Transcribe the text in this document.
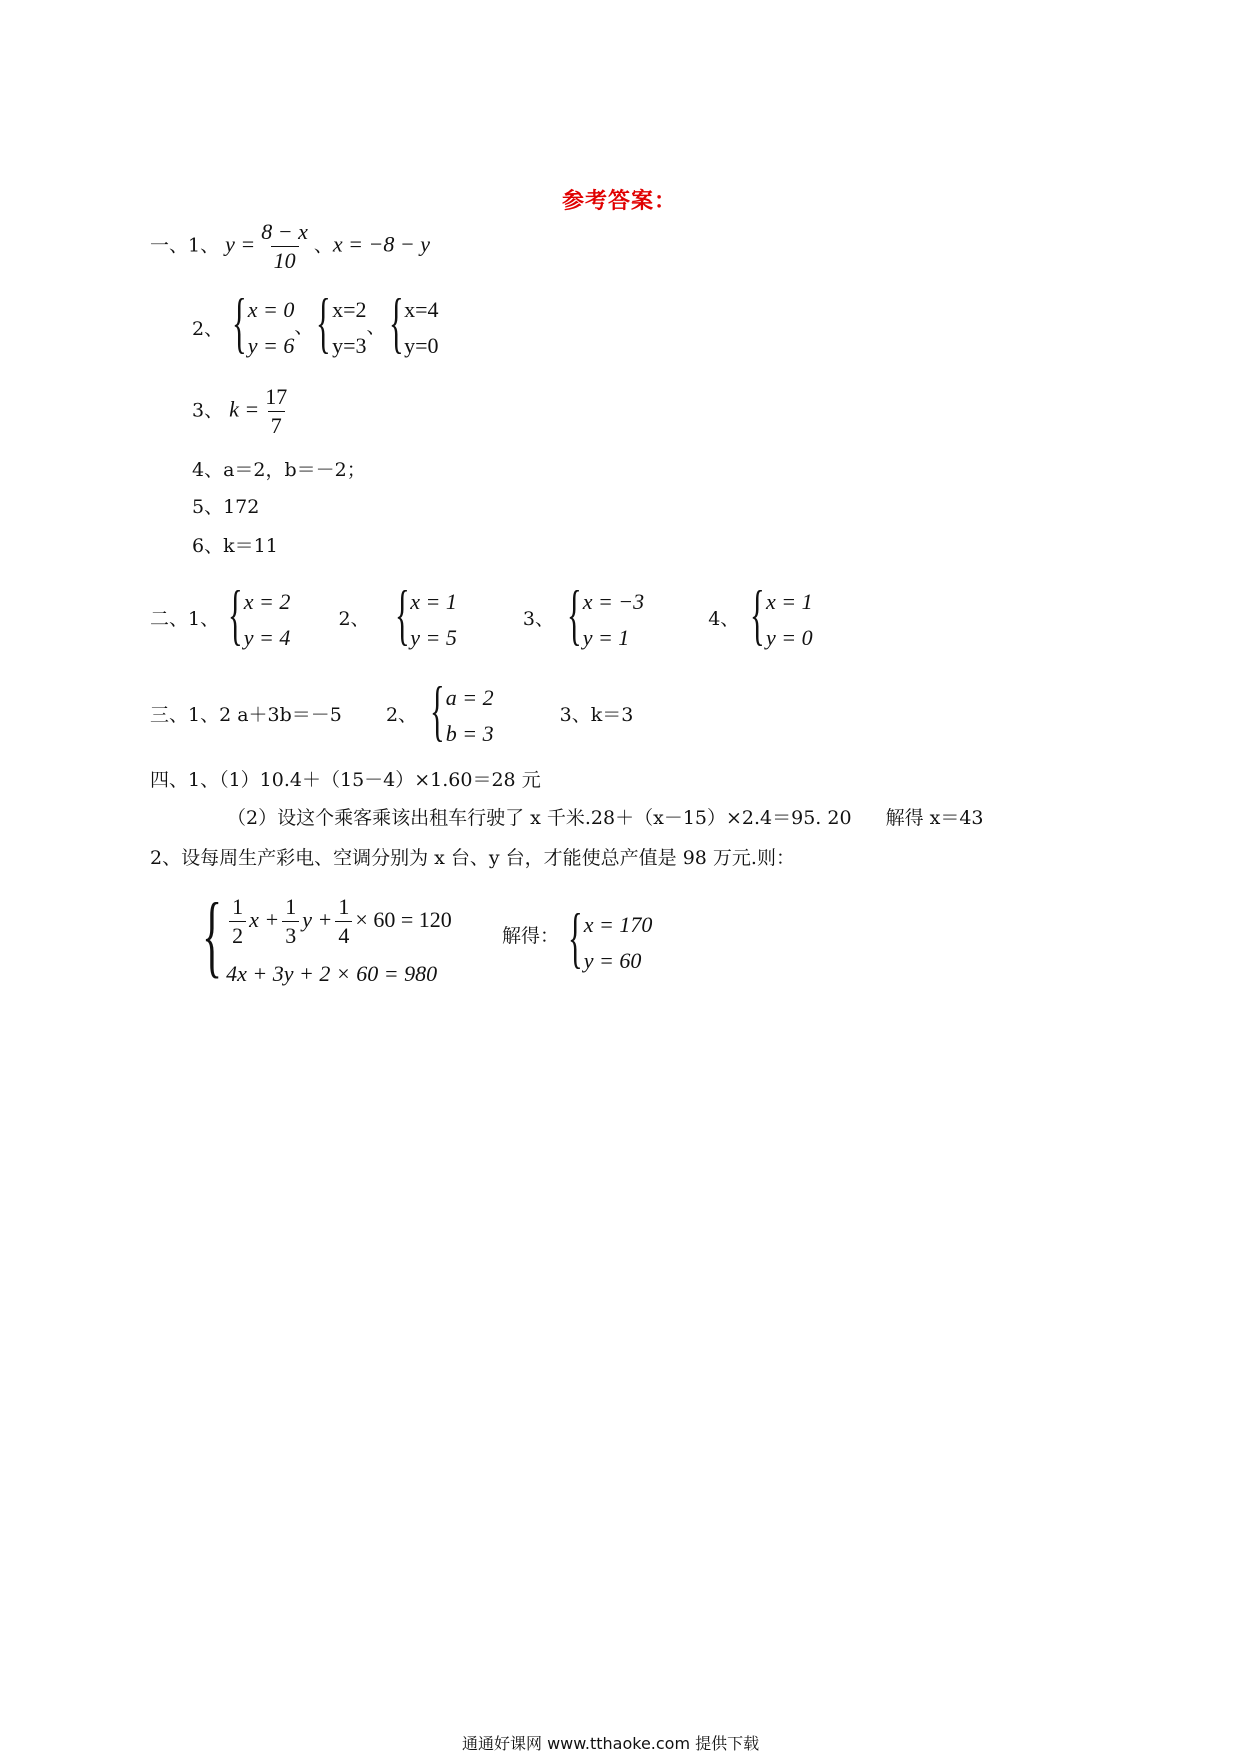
参考答案：
一、1、 $y = \frac{8 - x}{10}$ 、x = −8 − y
2、 { x = 0
y = 6
、 { x=2
y=3
、 { x=4
y=0
3、 $k = \frac{17}{7}$
4、a＝2，b＝－2；
5、172
6、k＝11
二、1、 { x = 2
y = 4
2、 { x = 1
y = 5
3、 { x = −3
y = 1
4、 { x = 1
y = 0
三、1、2 a＋3b＝－5 2、 { a = 2
b = 3
3、k＝3
四、1、（1）10.4＋（15－4）×1.60＝28 元
（2）设这个乘客乘该出租车行驶了 x 千米.28＋（x－15）×2.4＝95. 20 解得 x＝43
2、设每周生产彩电、空调分别为 x 台、y 台，才能使总产值是 98 万元.则：
{ $\frac{1}{2}$ $x + \frac{1}{3}$ $y + \frac{1}{4} \times 60 = 120$
4x + 3y + 2 × 60 = 980
解得： { x = 170
y = 60
通通好课网 www.tthaoke.com 提供下载
